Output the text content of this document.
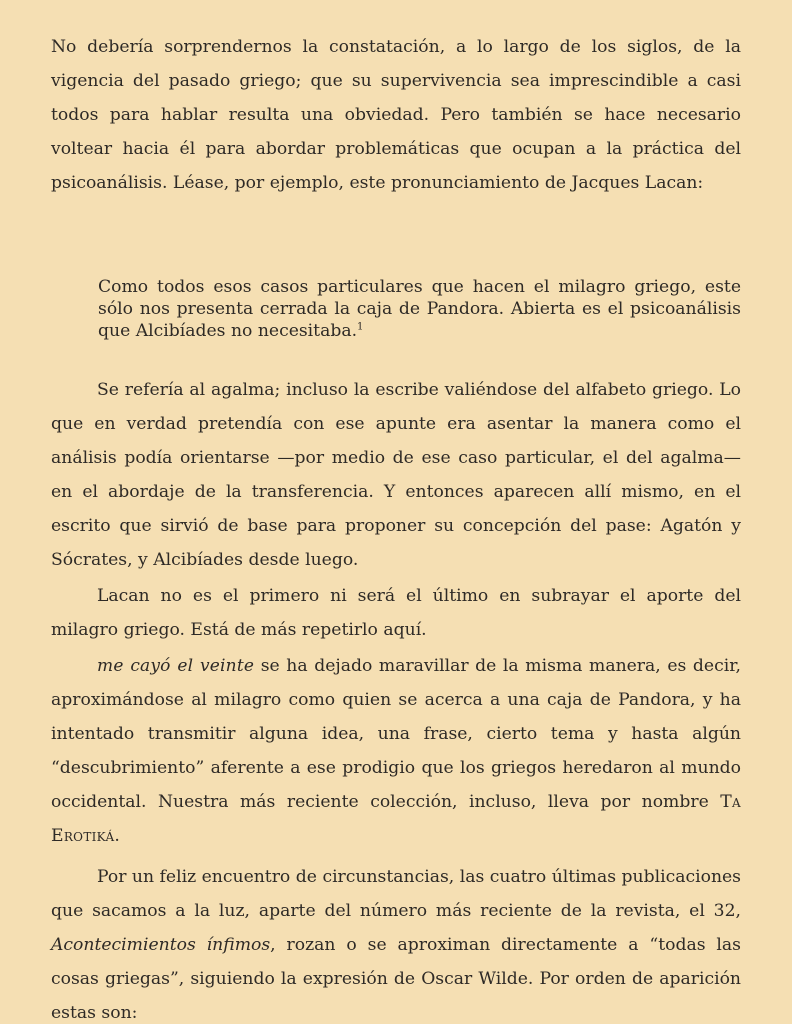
No debería sorprendernos la constatación, a lo largo de los siglos, de la vigencia del pasado griego; que su supervivencia sea imprescindible a casi todos para hablar resulta una obviedad. Pero también se hace necesario voltear hacia él para abordar problemáticas que ocupan a la práctica del psicoanálisis. Léase, por ejemplo, este pronunciamiento de Jacques Lacan:

Como todos esos casos particulares que hacen el milagro griego, este sólo nos presenta cerrada la caja de Pandora. Abierta es el psicoanálisis que Alcibíades no necesitaba.$^1$

Se refería al agalma; incluso la escribe valiéndose del alfabeto griego. Lo que en verdad pretendía con ese apunte era asentar la manera como el análisis podía orientarse —por medio de ese caso particular, el del agalma— en el abordaje de la transferencia. Y entonces aparecen allí mismo, en el escrito que sirvió de base para proponer su concepción del pase: Agatón y Sócrates, y Alcibíades desde luego.

Lacan no es el primero ni será el último en subrayar el aporte del milagro griego. Está de más repetirlo aquí.

me cayó el veinte se ha dejado maravillar de la misma manera, es decir, aproximándose al milagro como quien se acerca a una caja de Pandora, y ha intentado transmitir alguna idea, una frase, cierto tema y hasta algún “descubrimiento” aferente a ese prodigio que los griegos heredaron al mundo occidental. Nuestra más reciente colección, incluso, lleva por nombre Ta Erotiká.

Por un feliz encuentro de circunstancias, las cuatro últimas publicaciones que sacamos a la luz, aparte del número más reciente de la revista, el 32, Acontecimientos ínfimos, rozan o se aproximan directamente a “todas las cosas griegas”, siguiendo la expresión de Oscar Wilde. Por orden de aparición estas son:
